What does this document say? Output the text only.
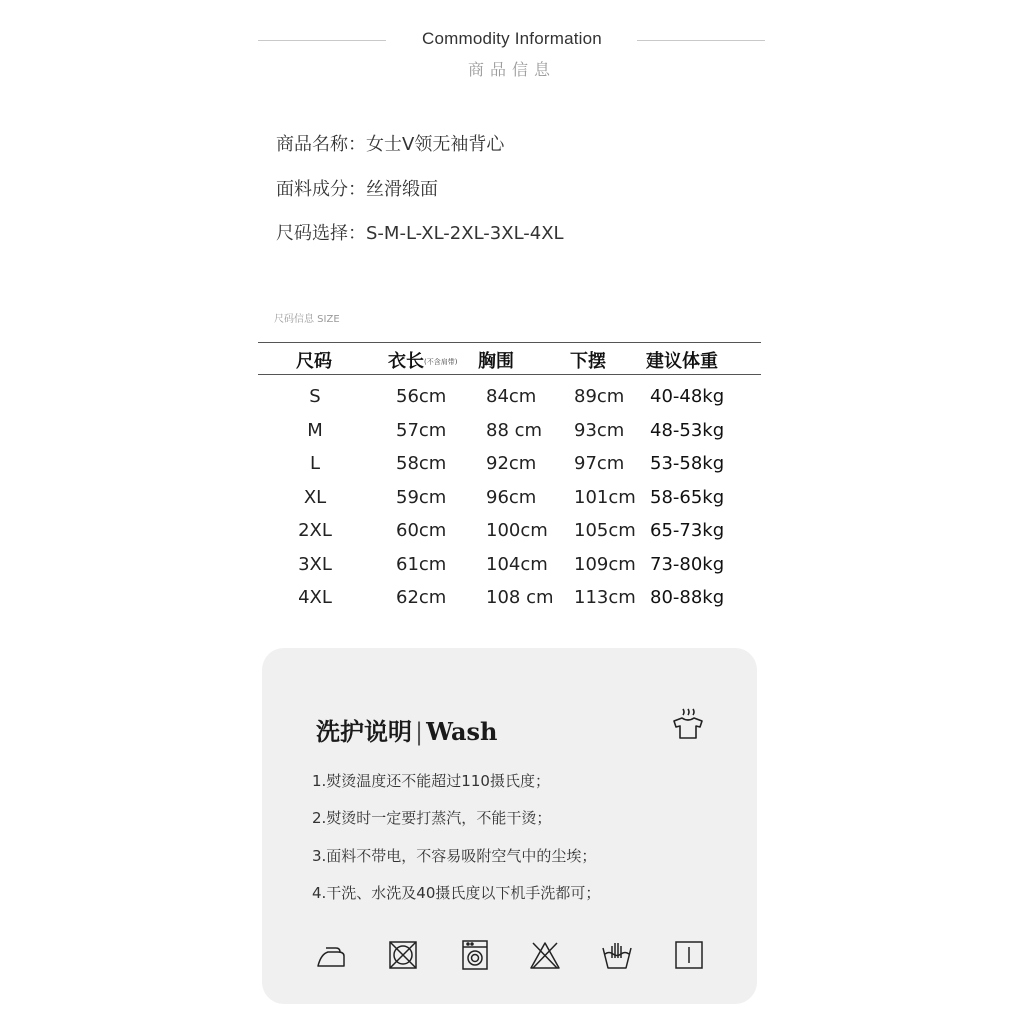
Commodity Information
商品信息
商品名称：女士V领无袖背心
面料成分：丝滑缎面
尺码选择：S-M-L-XL-2XL-3XL-4XL
尺码信息 SIZE
尺码	衣长(不含肩带) 胸围	下摆 建议体重
S	56cm 84cm 89cm 40-48kg
M	57cm 88 cm 93cm 48-53kg
L	58cm 92cm 97cm 53-58kg
XL	59cm 96cm 101cm 58-65kg
2XL	60cm 100cm 105cm 65-73kg
3XL	61cm 104cm 109cm 73-80kg
4XL	62cm 108 cm 113cm 80-88kg
洗护说明 | Wash
1.熨烫温度还不能超过110摄氏度；
2.熨烫时一定要打蒸汽，不能干烫；
3.面料不带电，不容易吸附空气中的尘埃；
4.干洗、水洗及40摄氏度以下机手洗都可；
